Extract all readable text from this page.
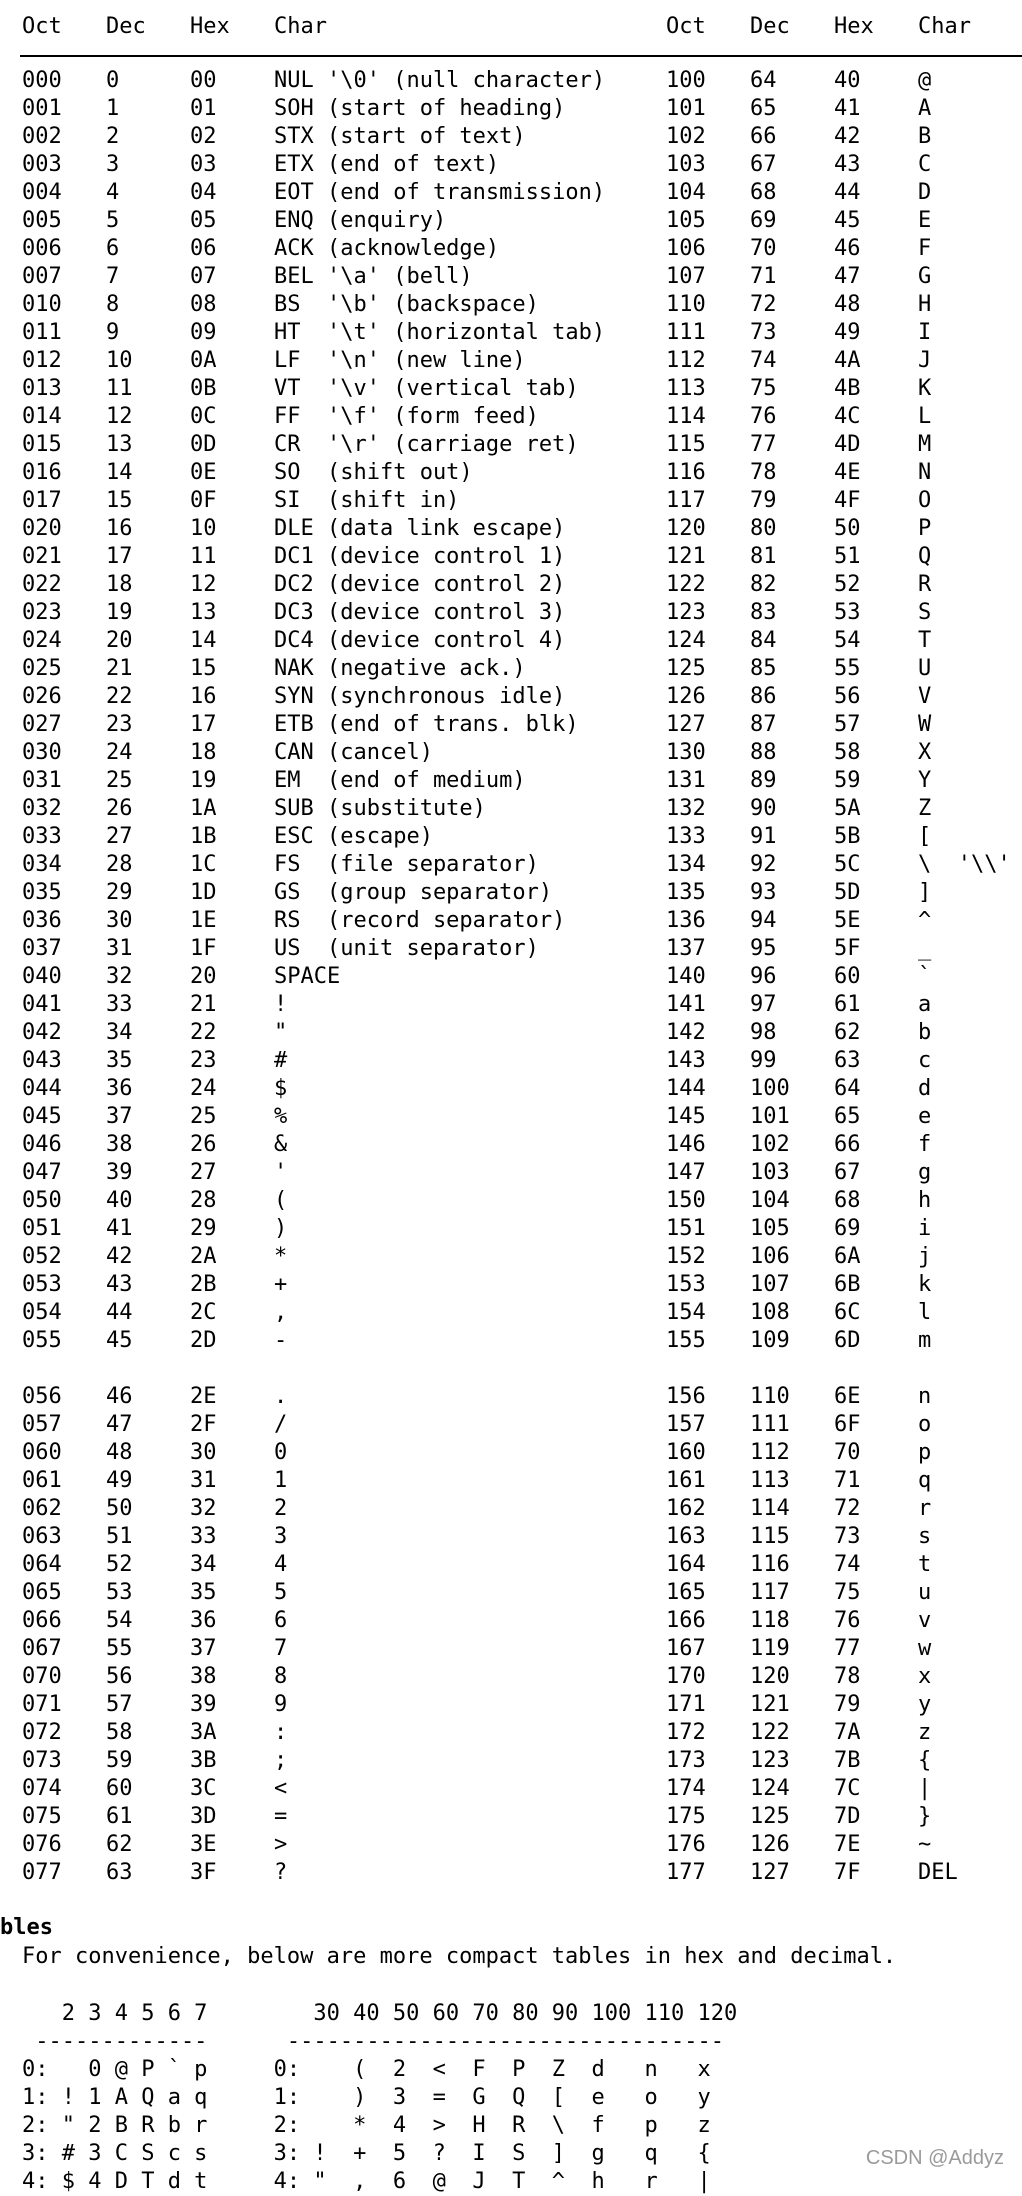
Oct Dec Hex Char	Oct Dec Hex Char
000 0	00	NUL '\0' (null character)	100 64	40	@
001 1	01	SOH (start of heading)	101 65	41	A
002 2	02	STX (start of text)	102 66	42	B
003 3	03	ETX (end of text)	103 67	43	C
004 4	04	EOT (end of transmission)	104 68	44	D
005 5	05	ENQ (enquiry)	105 69	45	E
006 6	06	ACK (acknowledge)	106 70	46	F
007 7	07	BEL '\a' (bell)	107 71	47	G
010 8	08	BS  '\b' (backspace)	110 72	48	H
011 9	09	HT  '\t' (horizontal tab)	111 73	49	I
012 10	0A	LF  '\n' (new line)	112 74	4A	J
013 11	0B	VT  '\v' (vertical tab)	113 75	4B	K
014 12	0C	FF  '\f' (form feed)	114 76	4C	L
015 13	0D	CR  '\r' (carriage ret)	115 77	4D	M
016 14	0E	SO  (shift out)	116 78	4E	N
017 15	0F	SI  (shift in)	117 79	4F	O
020 16	10	DLE (data link escape)	120 80	50	P
021 17	11	DC1 (device control 1)	121 81	51	Q
022 18	12	DC2 (device control 2)	122 82	52	R
023 19	13	DC3 (device control 3)	123 83	53	S
024 20	14	DC4 (device control 4)	124 84	54	T
025 21	15	NAK (negative ack.)	125 85	55	U
026 22	16	SYN (synchronous idle)	126 86	56	V
027 23	17	ETB (end of trans. blk)	127 87	57	W
030 24	18	CAN (cancel)	130 88	58	X
031 25	19	EM  (end of medium)	131 89	59	Y
032 26	1A	SUB (substitute)	132 90	5A	Z
033 27	1B	ESC (escape)	133 91	5B	[
034 28	1C	FS  (file separator)	134 92	5C	\  '\\'
035 29	1D	GS  (group separator)	135 93	5D	]
036 30	1E	RS  (record separator)	136 94	5E	^
037 31	1F	US  (unit separator)	137 95	5F	_
040 32	20	SPACE	140 96	60	`
041 33	21	!	141 97	61	a
042 34	22	"	142 98	62	b
043 35	23	#	143 99	63	c
044 36	24	$	144 100 64	d
045 37	25	%	145 101 65	e
046 38	26	&	146 102 66	f
047 39	27	'	147 103 67	g
050 40	28	(	150 104 68	h
051 41	29	)	151 105 69	i
052 42	2A	*	152 106 6A	j
053 43	2B	+	153 107 6B	k
054 44	2C	,	154 108 6C	l
055 45	2D	-	155 109 6D	m
056 46	2E	.	156 110 6E	n
057 47	2F	/	157 111 6F	o
060 48	30	0	160 112 70	p
061 49	31	1	161 113 71	q
062 50	32	2	162 114 72	r
063 51	33	3	163 115 73	s
064 52	34	4	164 116 74	t
065 53	35	5	165 117 75	u
066 54	36	6	166 118 76	v
067 55	37	7	167 119 77	w
070 56	38	8	170 120 78	x
071 57	39	9	171 121 79	y
072 58	3A	:	172 122 7A	z
073 59	3B	;	173 123 7B	{
074 60	3C	<	174 124 7C	|
075 61	3D	=	175 125 7D	}
076 62	3E	>	176 126 7E	~
077 63	3F	?	177 127 7F	DEL
bles
For convenience, below are more compact tables in hex and decimal.
2 3 4 5 6 7        30 40 50 60 70 80 90 100 110 120
-------------      ---------------------------------
0:   0 @ P ` p     0:    (  2  <  F  P  Z  d   n   x
1: ! 1 A Q a q     1:    )  3  =  G  Q  [  e   o   y
2: " 2 B R b r     2:    *  4  >  H  R  \  f   p   z
3: # 3 C S c s     3: !  +  5  ?  I  S  ]  g   q   {
4: $ 4 D T d t     4: "  ,  6  @  J  T  ^  h   r   |
CSDN @Addyz
